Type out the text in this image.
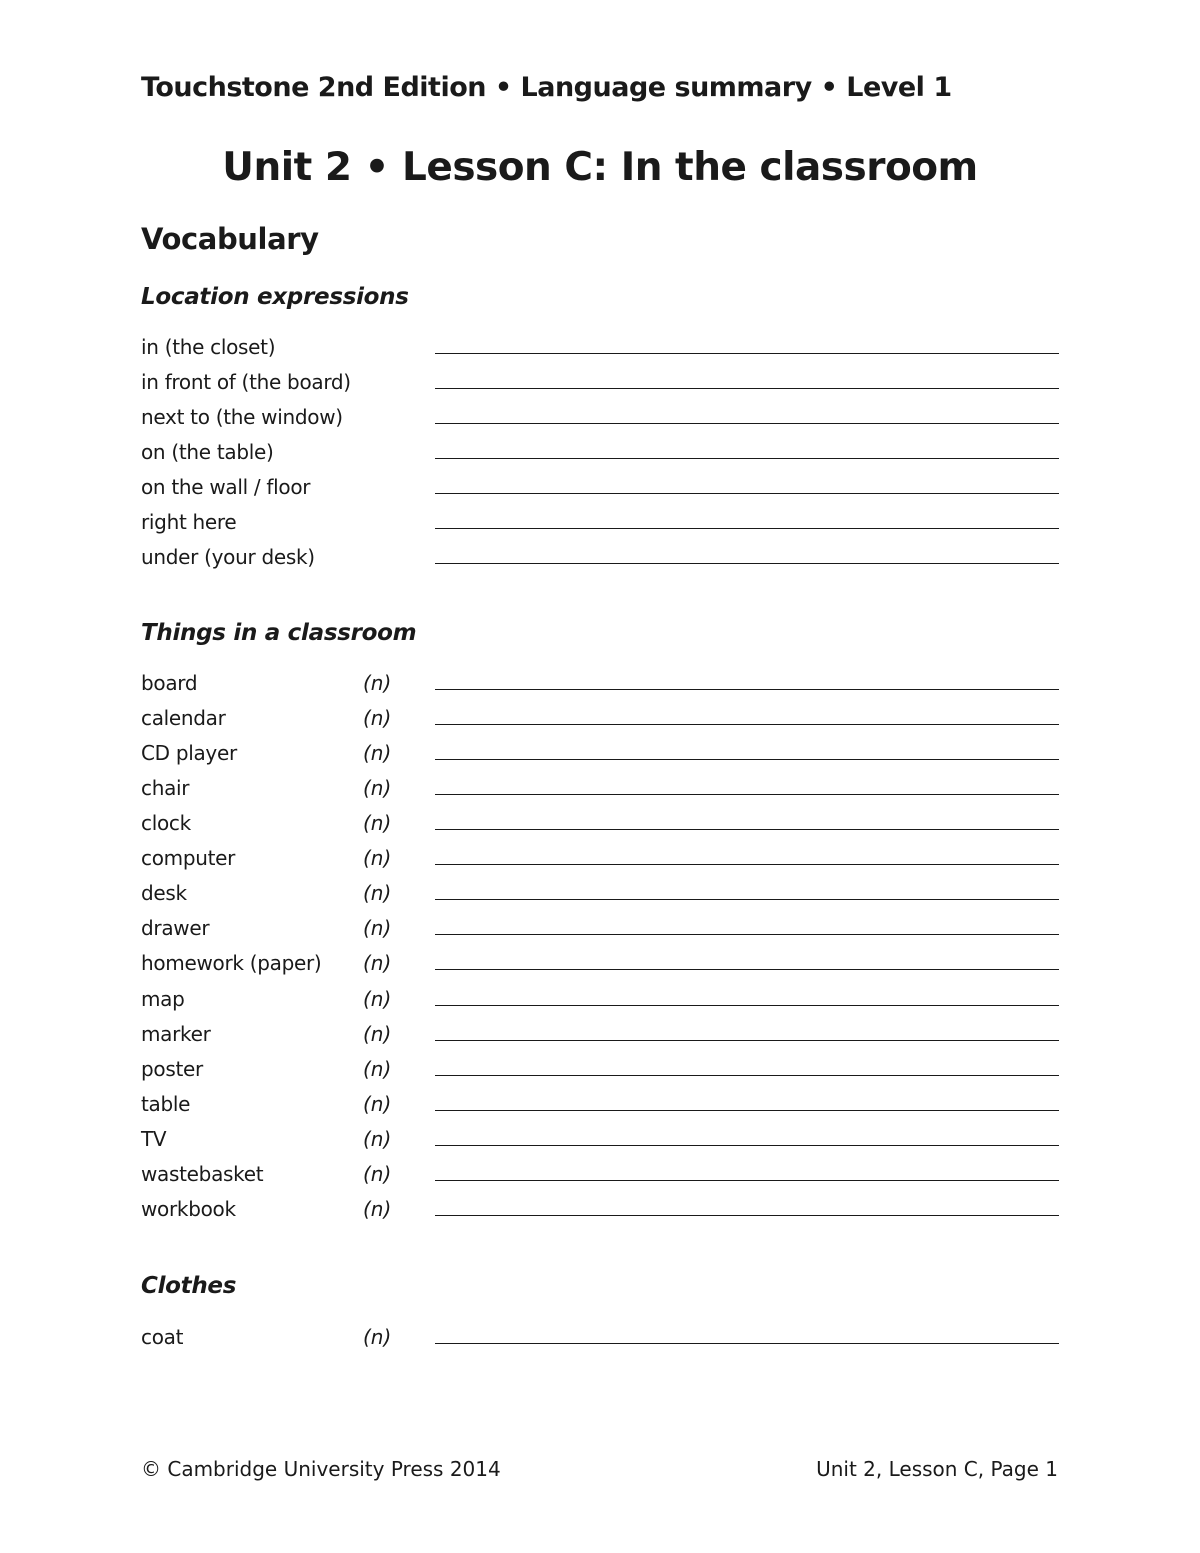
Touchstone 2nd Edition • Language summary • Level 1
Unit 2 • Lesson C: In the classroom
Vocabulary
Location expressions
in (the closet)
in front of (the board)
next to (the window)
on (the table)
on the wall / floor
right here
under (your desk)
Things in a classroom
board	(n)
calendar	(n)
CD player	(n)
chair	(n)
clock	(n)
computer	(n)
desk	(n)
drawer	(n)
homework (paper) (n)
map	(n)
marker	(n)
poster	(n)
table	(n)
TV	(n)
wastebasket	(n)
workbook	(n)
Clothes
coat	(n)
© Cambridge University Press 2014	Unit 2, Lesson C, Page 1
